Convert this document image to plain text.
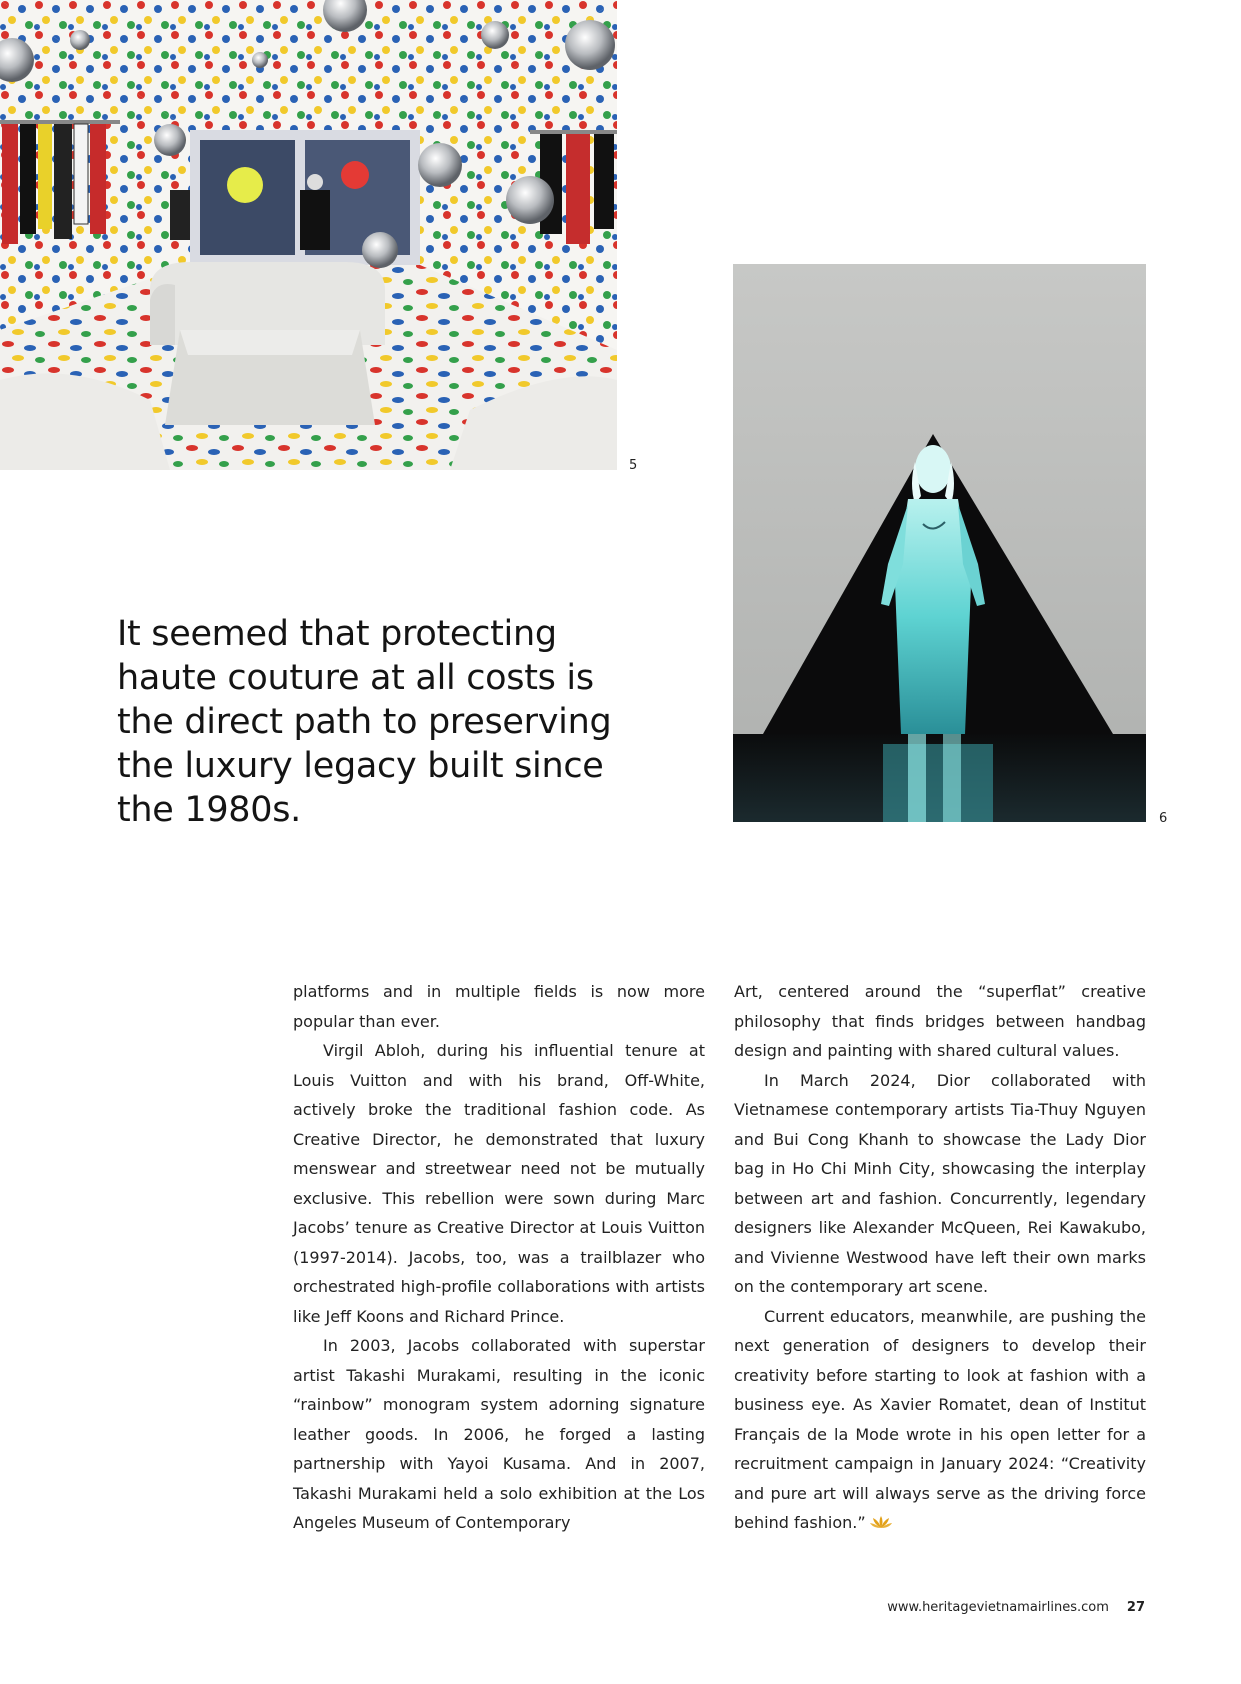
5
6
It seemed that protecting haute couture at all costs is the direct path to preserving the luxury legacy built since the 1980s.

platforms and in multiple fields is now more popular than ever.

Virgil Abloh, during his influential tenure at Louis Vuitton and with his brand, Off-White, actively broke the traditional fashion code. As Creative Director, he demonstrated that luxury menswear and streetwear need not be mutually exclusive. This rebellion were sown during Marc Jacobs’ tenure as Creative Director at Louis Vuitton (1997-2014). Jacobs, too, was a trailblazer who orchestrated high-profile collaborations with artists like Jeff Koons and Richard Prince.

In 2003, Jacobs collaborated with superstar artist Takashi Murakami, resulting in the iconic “rainbow” monogram system adorning signature leather goods. In 2006, he forged a lasting partnership with Yayoi Kusama. And in 2007, Takashi Murakami held a solo exhibition at the Los Angeles Museum of Contemporary

Art, centered around the “superflat” creative philosophy that finds bridges between handbag design and painting with shared cultural values.

In March 2024, Dior collaborated with Vietnamese contemporary artists Tia-Thuy Nguyen and Bui Cong Khanh to showcase the Lady Dior bag in Ho Chi Minh City, showcasing the interplay between art and fashion. Concurrently, legendary designers like Alexander McQueen, Rei Kawakubo, and Vivienne Westwood have left their own marks on the contemporary art scene.

Current educators, meanwhile, are pushing the next generation of designers to develop their creativity before starting to look at fashion with a business eye. As Xavier Romatet, dean of Institut Français de la Mode wrote in his open letter for a recruitment campaign in January 2024: “Creativity and pure art will always serve as the driving force behind fashion.”

www.heritagevietnamairlines.com 27
